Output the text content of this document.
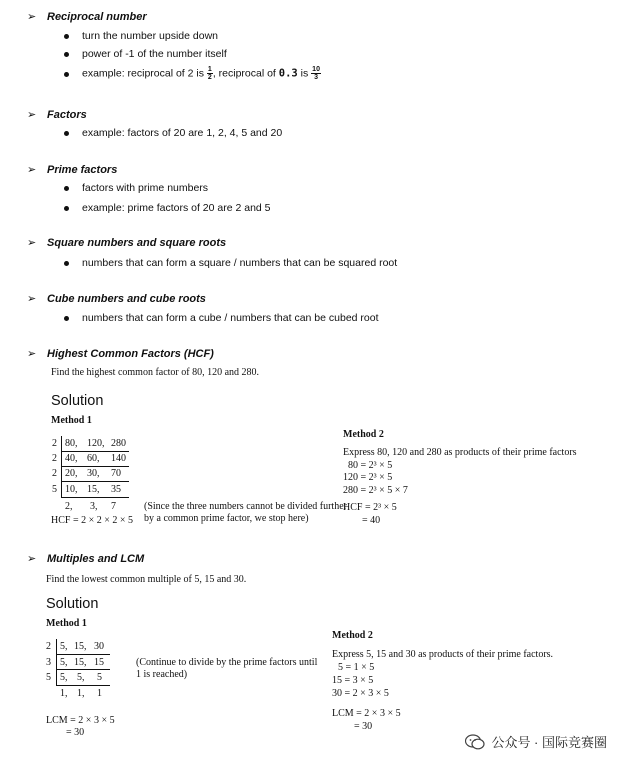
➢ Reciprocal number
turn the number upside down
power of -1 of the number itself
example: reciprocal of 2 is $\frac{1}{2}$ , reciprocal of 0.3 is $\frac{10}{3}$
➢ Factors
example: factors of 20 are 1, 2, 4, 5 and 20
➢ Prime factors
factors with prime numbers
example: prime factors of 20 are 2 and 5
➢ Square numbers and square roots
numbers that can form a square / numbers that can be squared root
➢ Cube numbers and cube roots
numbers that can form a cube / numbers that can be cubed root
➢ Highest Common Factors (HCF)
Find the highest common factor of 80, 120 and 280.
Solution
Method 1
2 80, 120, 280
2 40, 60, 140
2 20, 30, 70
5 10, 15, 35
2, 3, 7	(Since the three numbers cannot be divided further
by a common prime factor, we stop here)
HCF = 2 × 2 × 2 × 5
Method 2
Express 80, 120 and 280 as products of their prime factors
80 = 2³ × 5
120 = 2³ × 5
280 = 2³ × 5 × 7
HCF = 2³ × 5
= 40
➢ Multiples and LCM
Find the lowest common multiple of 5, 15 and 30.
Solution
Method 1
2 5, 15, 30
3 5, 15, 15
5 5, 5, 5
1, 1, 1
(Continue to divide by the prime factors until
1 is reached)
LCM = 2 × 3 × 5
= 30
Method 2
Express 5, 15 and 30 as products of their prime factors.
5 = 1 × 5
15 = 3 × 5
30 = 2 × 3 × 5
LCM = 2 × 3 × 5
= 30
公众号 · 国际竞赛圈
